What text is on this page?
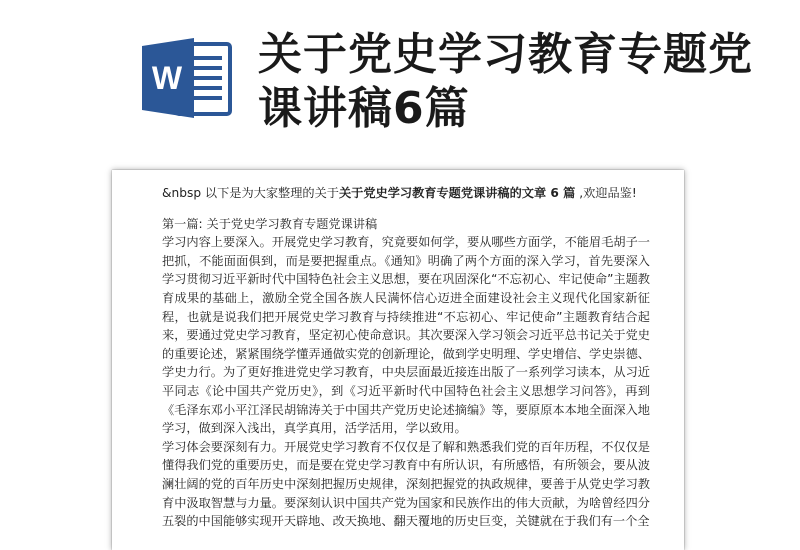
W 关于党史学习教育专题党课讲稿6篇

&nbsp 以下是为大家整理的关于关于党史学习教育专题党课讲稿的文章 6 篇 ,欢迎品鉴!

第一篇: 关于党史学习教育专题党课讲稿

学习内容上要深入。开展党史学习教育，究竟要如何学，要从哪些方面学，不能眉毛胡子一把抓，不能面面俱到，而是要把握重点。《通知》明确了两个方面的深入学习，首先要深入学习贯彻习近平新时代中国特色社会主义思想，要在巩固深化“不忘初心、牢记使命”主题教育成果的基础上，激励全党全国各族人民满怀信心迈进全面建设社会主义现代化国家新征程，也就是说我们把开展党史学习教育与持续推进“不忘初心、牢记使命”主题教育结合起来，要通过党史学习教育，坚定初心使命意识。其次要深入学习领会习近平总书记关于党史的重要论述，紧紧围绕学懂弄通做实党的创新理论，做到学史明理、学史增信、学史崇德、学史力行。为了更好推进党史学习教育，中央层面最近接连出版了一系列学习读本，从习近平同志《论中国共产党历史》，到《习近平新时代中国特色社会主义思想学习问答》，再到《毛泽东邓小平江泽民胡锦涛关于中国共产党历史论述摘编》等，要原原本本地全面深入地学习，做到深入浅出，真学真用，活学活用，学以致用。

学习体会要深刻有力。开展党史学习教育不仅仅是了解和熟悉我们党的百年历程，不仅仅是懂得我们党的重要历史，而是要在党史学习教育中有所认识，有所感悟，有所领会，要从波澜壮阔的党的百年历史中深刻把握历史规律，深刻把握党的执政规律，要善于从党史学习教育中汲取智慧与力量。要深刻认识中国共产党为国家和民族作出的伟大贡献，为啥曾经四分五裂的中国能够实现开天辟地、改天换地、翻天覆地的历史巨变，关键就在于我们有一个全
